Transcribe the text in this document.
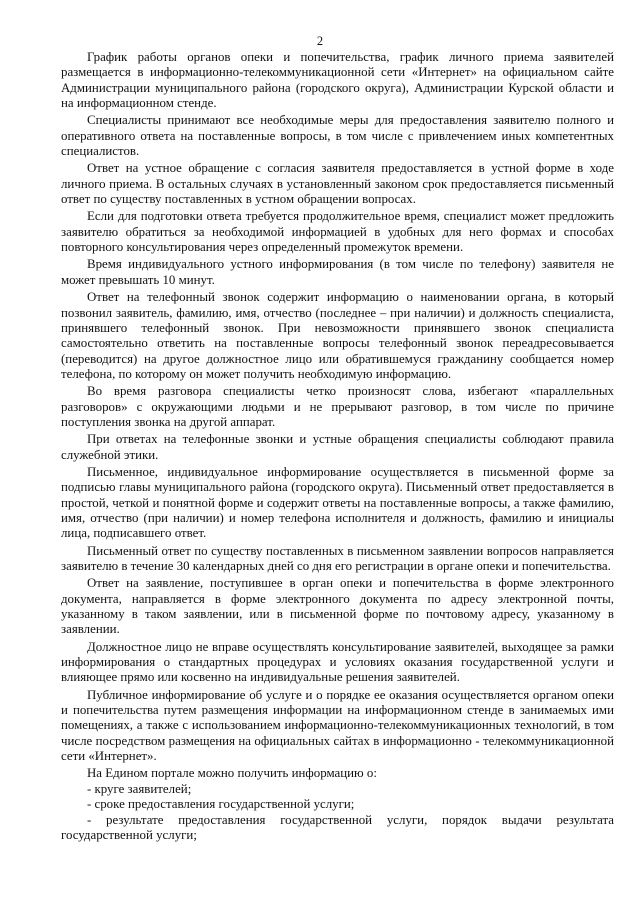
2

График работы органов опеки и попечительства, график личного приема заявителей размещается в информационно-телекоммуникационной сети «Интернет» на официальном сайте Администрации муниципального района (городского округа), Администрации Курской области и на информационном стенде.

Специалисты принимают все необходимые меры для предоставления заявителю полного и оперативного ответа на поставленные вопросы, в том числе с привлечением иных компетентных специалистов.

Ответ на устное обращение с согласия заявителя предоставляется в устной форме в ходе личного приема. В остальных случаях в установленный законом срок предоставляется письменный ответ по существу поставленных в устном обращении вопросах.

Если для подготовки ответа требуется продолжительное время, специалист может предложить заявителю обратиться за необходимой информацией в удобных для него формах и способах повторного консультирования через определенный промежуток времени.

Время индивидуального устного информирования (в том числе по телефону) заявителя не может превышать 10 минут.

Ответ на телефонный звонок содержит информацию о наименовании органа, в который позвонил заявитель, фамилию, имя, отчество (последнее – при наличии) и должность специалиста, принявшего телефонный звонок. При невозможности принявшего звонок специалиста самостоятельно ответить на поставленные вопросы телефонный звонок переадресовывается (переводится) на другое должностное лицо или обратившемуся гражданину сообщается номер телефона, по которому он может получить необходимую информацию.

Во время разговора специалисты четко произносят слова, избегают «параллельных разговоров» с окружающими людьми и не прерывают разговор, в том числе по причине поступления звонка на другой аппарат.

При ответах на телефонные звонки и устные обращения специалисты соблюдают правила служебной этики.

Письменное, индивидуальное информирование осуществляется в письменной форме за подписью главы муниципального района (городского округа). Письменный ответ предоставляется в простой, четкой и понятной форме и содержит ответы на поставленные вопросы, а также фамилию, имя, отчество (при наличии) и номер телефона исполнителя и должность, фамилию и инициалы лица, подписавшего ответ.

Письменный ответ по существу поставленных в письменном заявлении вопросов направляется заявителю в течение 30 календарных дней со дня его регистрации в органе опеки и попечительства.

Ответ на заявление, поступившее в орган опеки и попечительства в форме электронного документа, направляется в форме электронного документа по адресу электронной почты, указанному в таком заявлении, или в письменной форме по почтовому адресу, указанному в заявлении.

Должностное лицо не вправе осуществлять консультирование заявителей, выходящее за рамки информирования о стандартных процедурах и условиях оказания государственной услуги и влияющее прямо или косвенно на индивидуальные решения заявителей.

Публичное информирование об услуге и о порядке ее оказания осуществляется органом опеки и попечительства путем размещения информации на информационном стенде в занимаемых ими помещениях, а также с использованием информационно-телекоммуникационных технологий, в том числе посредством размещения на официальных сайтах в информационно - телекоммуникационной сети «Интернет».

На Едином портале можно получить информацию о:

- круге заявителей;

- сроке предоставления государственной услуги;

- результате предоставления государственной услуги, порядок выдачи результата государственной услуги;
